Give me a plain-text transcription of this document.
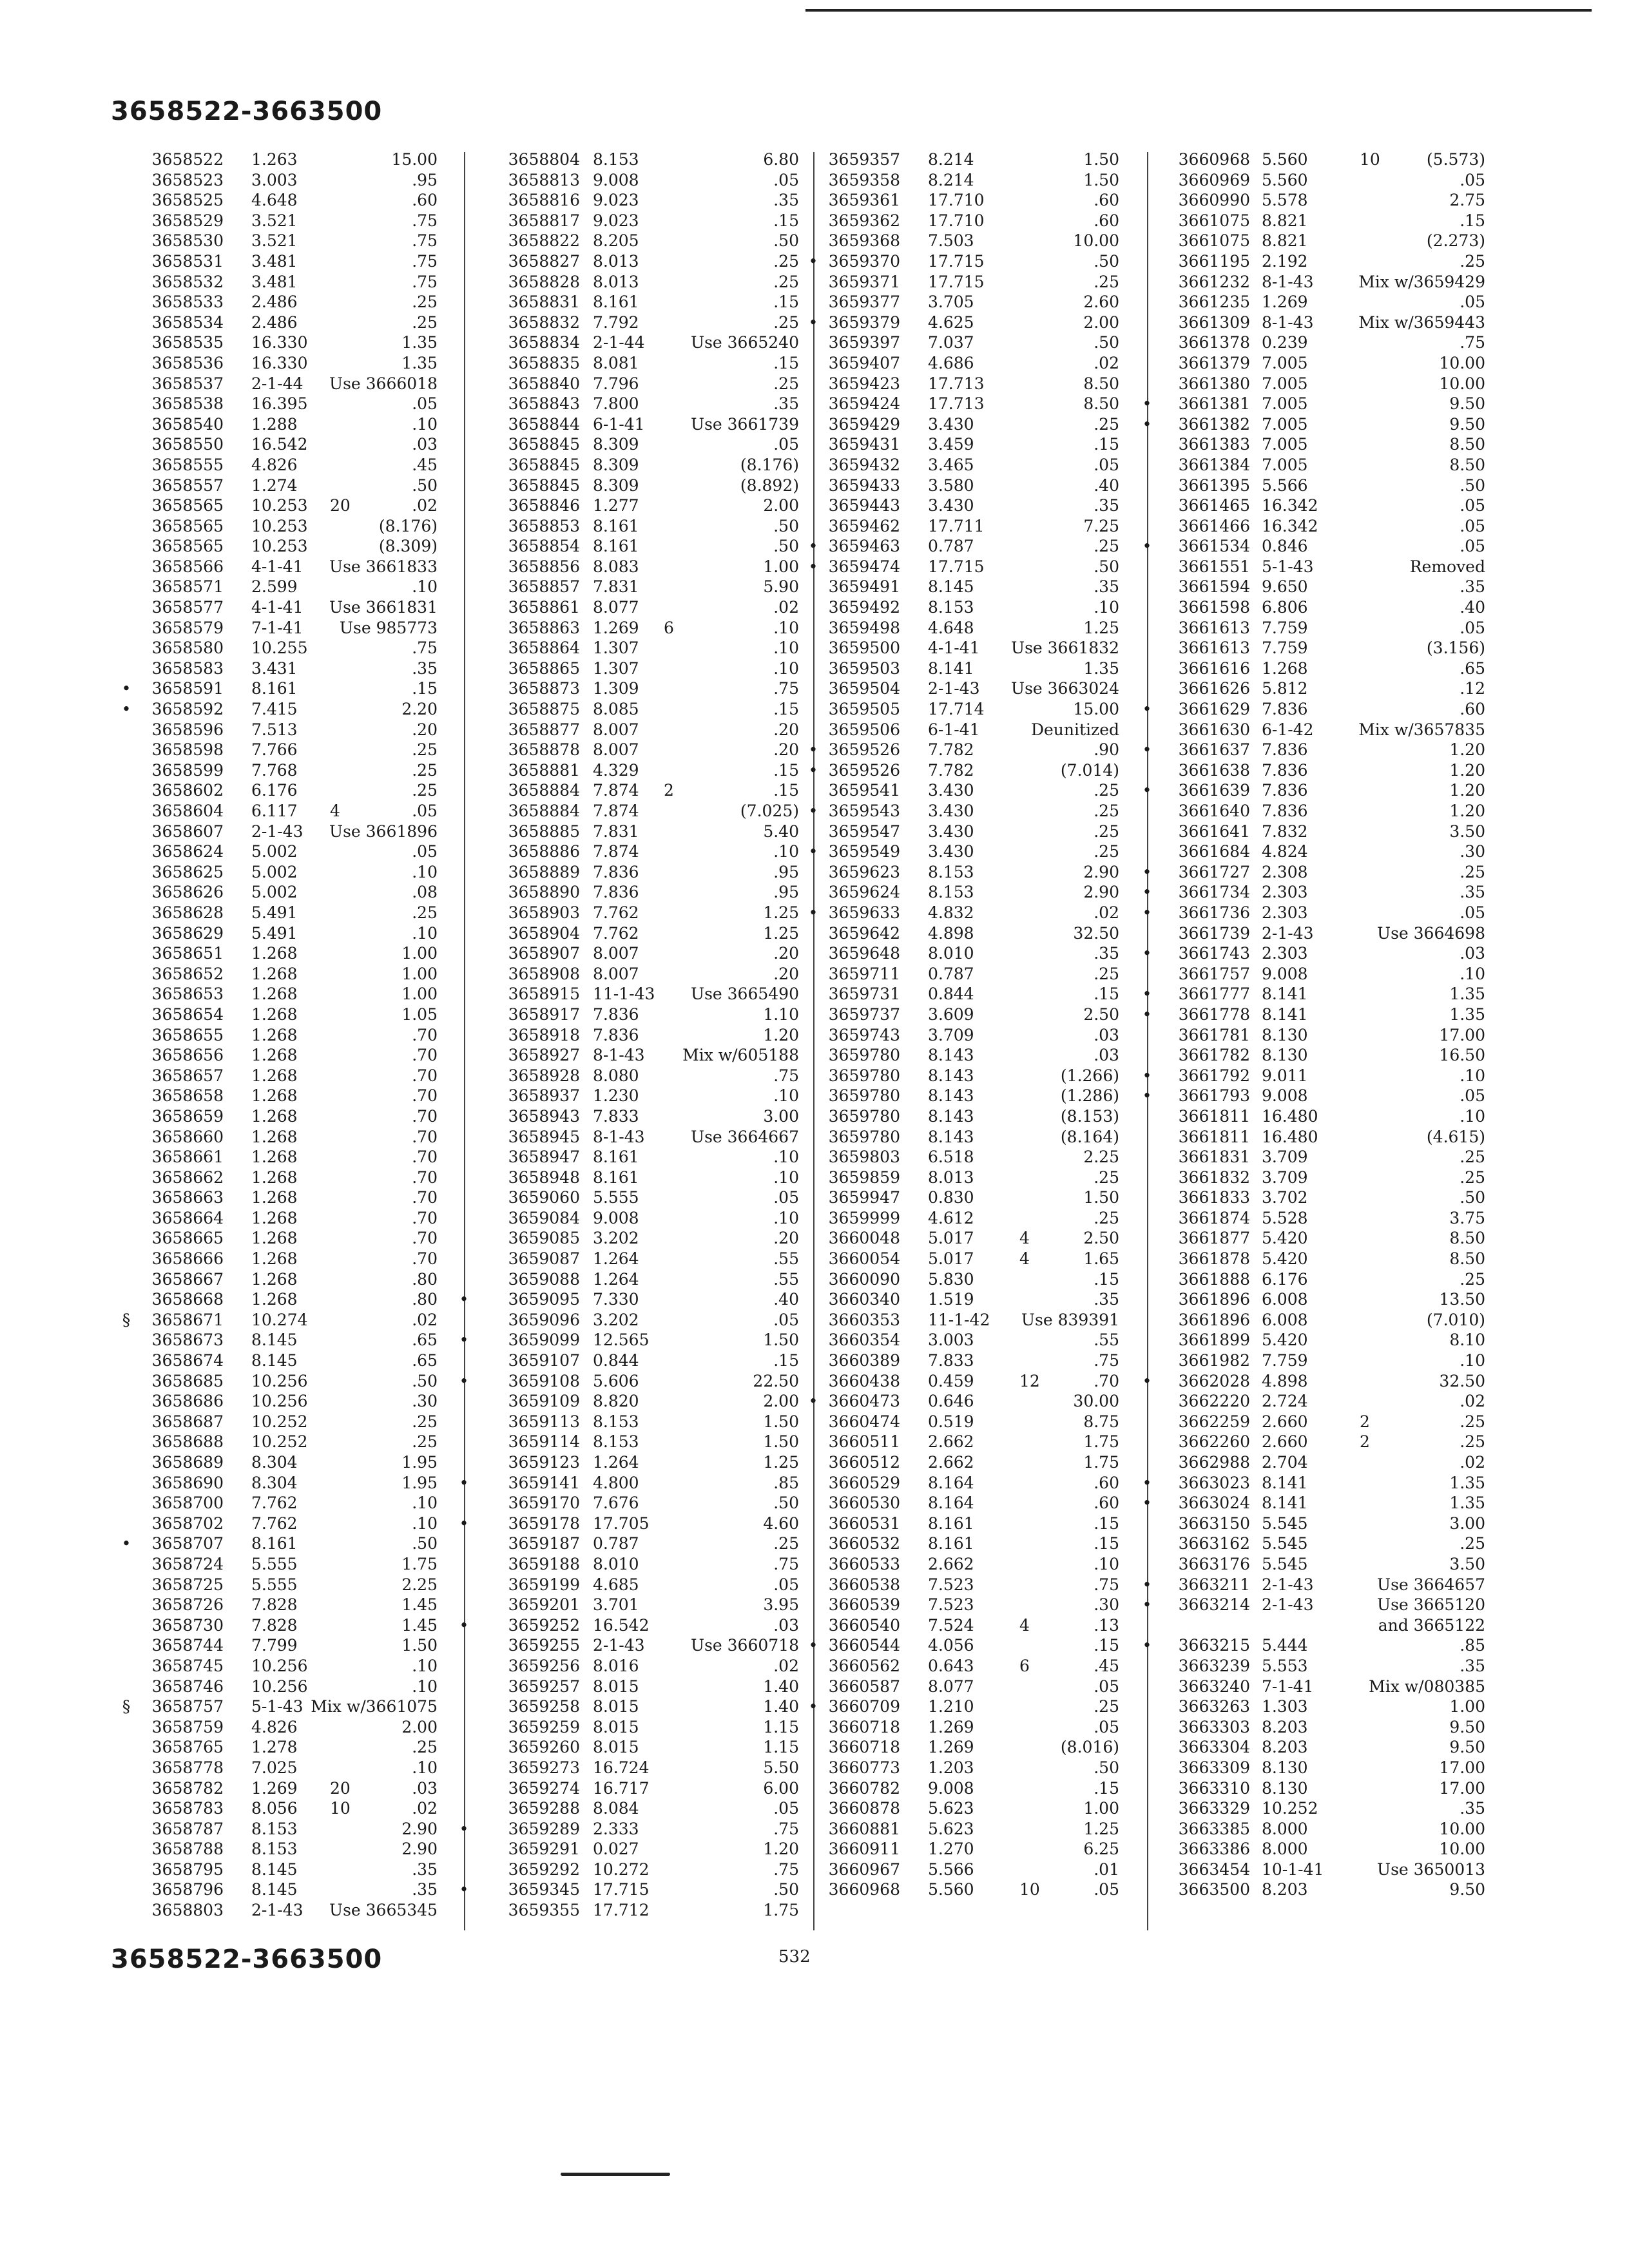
3658522-3663500
3658522 1.263	15.00
3658523 3.003	.95
3658525 4.648	.60
3658529 3.521	.75
3658530 3.521	.75
3658531 3.481	.75
3658532 3.481	.75
3658533 2.486	.25
3658534 2.486	.25
3658535 16.330	1.35
3658536 16.330	1.35
3658537 2-1-44 Use 3666018
3658538 16.395	.05
3658540 1.288	.10
3658550 16.542	.03
3658555 4.826	.45
3658557 1.274	.50
3658565 10.253 20	.02
3658565 10.253	(8.176)
3658565 10.253	(8.309)
3658566 4-1-41 Use 3661833
3658571 2.599	.10
3658577 4-1-41 Use 3661831
3658579 7-1-41 Use 985773
3658580 10.255	.75
3658583 3.431	.35
• 3658591 8.161	.15
• 3658592 7.415	2.20
3658596 7.513	.20
3658598 7.766	.25
3658599 7.768	.25
3658602 6.176	.25
3658604 6.117 4	.05
3658607 2-1-43 Use 3661896
3658624 5.002	.05
3658625 5.002	.10
3658626 5.002	.08
3658628 5.491	.25
3658629 5.491	.10
3658651 1.268	1.00
3658652 1.268	1.00
3658653 1.268	1.00
3658654 1.268	1.05
3658655 1.268	.70
3658656 1.268	.70
3658657 1.268	.70
3658658 1.268	.70
3658659 1.268	.70
3658660 1.268	.70
3658661 1.268	.70
3658662 1.268	.70
3658663 1.268	.70
3658664 1.268	.70
3658665 1.268	.70
3658666 1.268	.70
3658667 1.268	.80
3658668 1.268	.80
§ 3658671 10.274	.02
3658673 8.145	.65
3658674 8.145	.65
3658685 10.256	.50
3658686 10.256	.30
3658687 10.252	.25
3658688 10.252	.25
3658689 8.304	1.95
3658690 8.304	1.95
3658700 7.762	.10
3658702 7.762	.10
• 3658707 8.161	.50
3658724 5.555	1.75
3658725 5.555	2.25
3658726 7.828	1.45
3658730 7.828	1.45
3658744 7.799	1.50
3658745 10.256	.10
3658746 10.256	.10
§ 3658757 5-1-43 Mix w/3661075
3658759 4.826	2.00
3658765 1.278	.25
3658778 7.025	.10
3658782 1.269 20	.03
3658783 8.056 10	.02
3658787 8.153	2.90
3658788 8.153	2.90
3658795 8.145	.35
3658796 8.145	.35
3658803 2-1-43 Use 3665345
3658804 8.153	6.80
3658813 9.008	.05
3658816 9.023	.35
3658817 9.023	.15
3658822 8.205	.50
3658827 8.013	.25
3658828 8.013	.25
3658831 8.161	.15
3658832 7.792	.25
3658834 2-1-44	Use 3665240
3658835 8.081	.15
3658840 7.796	.25
3658843 7.800	.35
3658844 6-1-41	Use 3661739
3658845 8.309	.05
3658845 8.309	(8.176)
3658845 8.309	(8.892)
3658846 1.277	2.00
3658853 8.161	.50
3658854 8.161	.50
3658856 8.083	1.00
3658857 7.831	5.90
3658861 8.077	.02
3658863 1.269 6	.10
3658864 1.307	.10
3658865 1.307	.10
3658873 1.309	.75
3658875 8.085	.15
3658877 8.007	.20
3658878 8.007	.20
3658881 4.329	.15
3658884 7.874 2	.15
3658884 7.874	(7.025)
3658885 7.831	5.40
3658886 7.874	.10
3658889 7.836	.95
3658890 7.836	.95
3658903 7.762	1.25
3658904 7.762	1.25
3658907 8.007	.20
3658908 8.007	.20
3658915 11-1-43 Use 3665490
3658917 7.836	1.10
3658918 7.836	1.20
3658927 8-1-43 Mix w/605188
3658928 8.080	.75
3658937 1.230	.10
3658943 7.833	3.00
3658945 8-1-43	Use 3664667
3658947 8.161	.10
3658948 8.161	.10
3659060 5.555	.05
3659084 9.008	.10
3659085 3.202	.20
3659087 1.264	.55
3659088 1.264	.55
• 3659095 7.330	.40
3659096 3.202	.05
• 3659099 12.565	1.50
3659107 0.844	.15
• 3659108 5.606	22.50
3659109 8.820	2.00
3659113 8.153	1.50
3659114 8.153	1.50
3659123 1.264	1.25
• 3659141 4.800	.85
3659170 7.676	.50
• 3659178 17.705	4.60
3659187 0.787	.25
3659188 8.010	.75
3659199 4.685	.05
3659201 3.701	3.95
• 3659252 16.542	.03
3659255 2-1-43	Use 3660718
3659256 8.016	.02
3659257 8.015	1.40
3659258 8.015	1.40
3659259 8.015	1.15
3659260 8.015	1.15
3659273 16.724	5.50
3659274 16.717	6.00
3659288 8.084	.05
• 3659289 2.333	.75
3659291 0.027	1.20
3659292 10.272	.75
• 3659345 17.715	.50
3659355 17.712	1.75
3659357 8.214	1.50
3659358 8.214	1.50
3659361 17.710	.60
3659362 17.710	.60
3659368 7.503	10.00
• 3659370 17.715	.50
3659371 17.715	.25
3659377 3.705	2.60
• 3659379 4.625	2.00
3659397 7.037	.50
3659407 4.686	.02
3659423 17.713	8.50
3659424 17.713	8.50
3659429 3.430	.25
3659431 3.459	.15
3659432 3.465	.05
3659433 3.580	.40
3659443 3.430	.35
3659462 17.711	7.25
• 3659463 0.787	.25
• 3659474 17.715	.50
3659491 8.145	.35
3659492 8.153	.10
3659498 4.648	1.25
3659500 4-1-41 Use 3661832
3659503 8.141	1.35
3659504 2-1-43 Use 3663024
3659505 17.714	15.00
3659506 6-1-41	Deunitized
• 3659526 7.782	.90
• 3659526 7.782	(7.014)
3659541 3.430	.25
• 3659543 3.430	.25
3659547 3.430	.25
• 3659549 3.430	.25
3659623 8.153	2.90
3659624 8.153	2.90
• 3659633 4.832	.02
3659642 4.898	32.50
3659648 8.010	.35
3659711 0.787	.25
3659731 0.844	.15
3659737 3.609	2.50
3659743 3.709	.03
3659780 8.143	.03
3659780 8.143	(1.266)
3659780 8.143	(1.286)
3659780 8.143	(8.153)
3659780 8.143	(8.164)
3659803 6.518	2.25
3659859 8.013	.25
3659947 0.830	1.50
3659999 4.612	.25
3660048 5.017	4	2.50
3660054 5.017	4	1.65
3660090 5.830	.15
3660340 1.519	.35
3660353 11-1-42 Use 839391
3660354 3.003	.55
3660389 7.833	.75
3660438 0.459	12	.70
• 3660473 0.646	30.00
3660474 0.519	8.75
3660511 2.662	1.75
3660512 2.662	1.75
3660529 8.164	.60
3660530 8.164	.60
3660531 8.161	.15
3660532 8.161	.15
3660533 2.662	.10
3660538 7.523	.75
3660539 7.523	.30
3660540 7.524	4	.13
• 3660544 4.056	.15
3660562 0.643	6	.45
3660587 8.077	.05
• 3660709 1.210	.25
3660718 1.269	.05
3660718 1.269	(8.016)
3660773 1.203	.50
3660782 9.008	.15
3660878 5.623	1.00
3660881 5.623	1.25
3660911 1.270	6.25
3660967 5.566	.01
3660968 5.560	10	.05
3660968 5.560	10	(5.573)
3660969 5.560	.05
3660990 5.578	2.75
3661075 8.821	.15
3661075 8.821	(2.273)
3661195 2.192	.25
3661232 8-1-43	Mix w/3659429
3661235 1.269	.05
3661309 8-1-43	Mix w/3659443
3661378 0.239	.75
3661379 7.005	10.00
3661380 7.005	10.00
• 3661381 7.005	9.50
• 3661382 7.005	9.50
3661383 7.005	8.50
3661384 7.005	8.50
3661395 5.566	.50
3661465 16.342	.05
3661466 16.342	.05
• 3661534 0.846	.05
3661551 5-1-43	Removed
3661594 9.650	.35
3661598 6.806	.40
3661613 7.759	.05
3661613 7.759	(3.156)
3661616 1.268	.65
3661626 5.812	.12
• 3661629 7.836	.60
3661630 6-1-42	Mix w/3657835
• 3661637 7.836	1.20
3661638 7.836	1.20
• 3661639 7.836	1.20
3661640 7.836	1.20
3661641 7.832	3.50
3661684 4.824	.30
• 3661727 2.308	.25
• 3661734 2.303	.35
• 3661736 2.303	.05
3661739 2-1-43	Use 3664698
• 3661743 2.303	.03
3661757 9.008	.10
• 3661777 8.141	1.35
• 3661778 8.141	1.35
3661781 8.130	17.00
3661782 8.130	16.50
• 3661792 9.011	.10
• 3661793 9.008	.05
3661811 16.480	.10
3661811 16.480	(4.615)
3661831 3.709	.25
3661832 3.709	.25
3661833 3.702	.50
3661874 5.528	3.75
3661877 5.420	8.50
3661878 5.420	8.50
3661888 6.176	.25
3661896 6.008	13.50
3661896 6.008	(7.010)
3661899 5.420	8.10
3661982 7.759	.10
• 3662028 4.898	32.50
3662220 2.724	.02
3662259 2.660	2	.25
3662260 2.660	2	.25
3662988 2.704	.02
• 3663023 8.141	1.35
• 3663024 8.141	1.35
3663150 5.545	3.00
3663162 5.545	.25
3663176 5.545	3.50
• 3663211 2-1-43	Use 3664657
• 3663214 2-1-43	Use 3665120
and 3665122
• 3663215 5.444	.85
3663239 5.553	.35
3663240 7-1-41	Mix w/080385
3663263 1.303	1.00
3663303 8.203	9.50
3663304 8.203	9.50
3663309 8.130	17.00
3663310 8.130	17.00
3663329 10.252	.35
3663385 8.000	10.00
3663386 8.000	10.00
3663454 10-1-41	Use 3650013
3663500 8.203	9.50
3658522-3663500	532
